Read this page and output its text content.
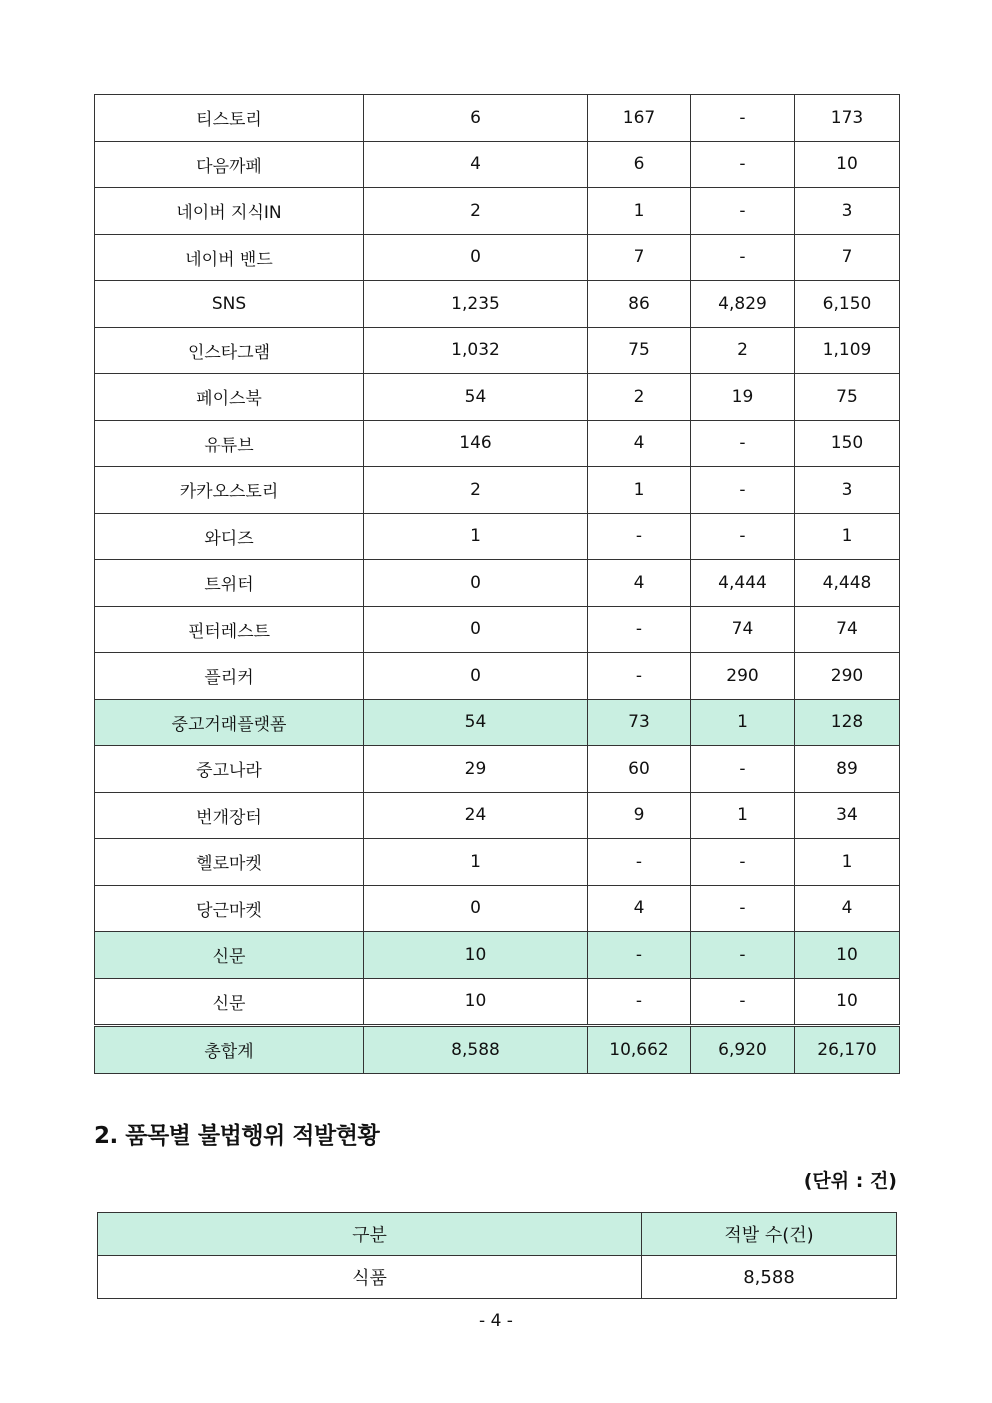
티스토리	6	167	-	173
다음까페	4	6	-	10
네이버 지식IN	2	1	-	3
네이버 밴드	0	7	-	7
SNS	1,235	86	4,829	6,150
인스타그램	1,032	75	2	1,109
페이스북	54	2	19	75
유튜브	146	4	-	150
카카오스토리	2	1	-	3
와디즈	1	-	-	1
트위터	0	4	4,444	4,448
핀터레스트	0	-	74	74
플리커	0	-	290	290
중고거래플랫폼	54	73	1	128
중고나라	29	60	-	89
번개장터	24	9	1	34
헬로마켓	1	-	-	1
당근마켓	0	4	-	4
신문	10	-	-	10
신문	10	-	-	10
총합계	8,588	10,662	6,920	26,170
2. 품목별 불법행위 적발현황
(단위 : 건)
구분	적발 수(건)
식품	8,588
- 4 -
